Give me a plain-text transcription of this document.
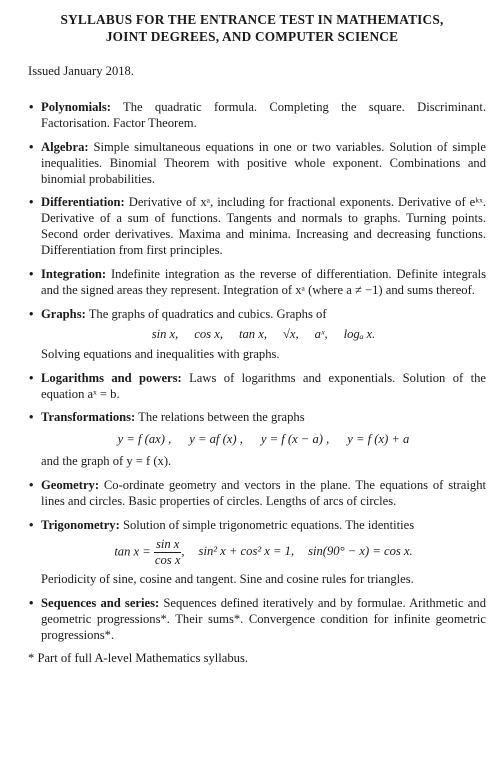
SYLLABUS FOR THE ENTRANCE TEST IN MATHEMATICS,
JOINT DEGREES, AND COMPUTER SCIENCE
Issued January 2018.
• Polynomials: The quadratic formula. Completing the square. Discriminant. Factorisation. Factor Theorem.
• Algebra: Simple simultaneous equations in one or two variables. Solution of simple inequalities. Binomial Theorem with positive whole exponent. Combinations and binomial probabilities.
• Differentiation: Derivative of xᵃ, including for fractional exponents. Derivative of eᵏˣ. Derivative of a sum of functions. Tangents and normals to graphs. Turning points. Second order derivatives. Maxima and minima. Increasing and decreasing functions. Differentiation from first principles.
• Integration: Indefinite integration as the reverse of differentiation. Definite integrals and the signed areas they represent. Integration of xᵃ (where a ≠ −1) and sums thereof.
• Graphs: The graphs of quadratics and cubics. Graphs of
sin x, cos x, tan x, √x, aˣ, logₐ x.
Solving equations and inequalities with graphs.
• Logarithms and powers: Laws of logarithms and exponentials. Solution of the equation aˣ = b.
• Transformations: The relations between the graphs
y = f (ax) , y = af (x) , y = f (x − a) , y = f (x) + a
and the graph of y = f (x).
• Geometry: Co-ordinate geometry and vectors in the plane. The equations of straight lines and circles. Basic properties of circles. Lengths of arcs of circles.
• Trigonometry: Solution of simple trigonometric equations. The identities
$\tan x = \frac{\text{sin x}}{\text{cos x}}$ , sin² x + cos² x = 1, sin(90° − x) = cos x.
Periodicity of sine, cosine and tangent. Sine and cosine rules for triangles.
• Sequences and series: Sequences defined iteratively and by formulae. Arithmetic and geometric progressions*. Their sums*. Convergence condition for infinite geometric progressions*.
* Part of full A-level Mathematics syllabus.
